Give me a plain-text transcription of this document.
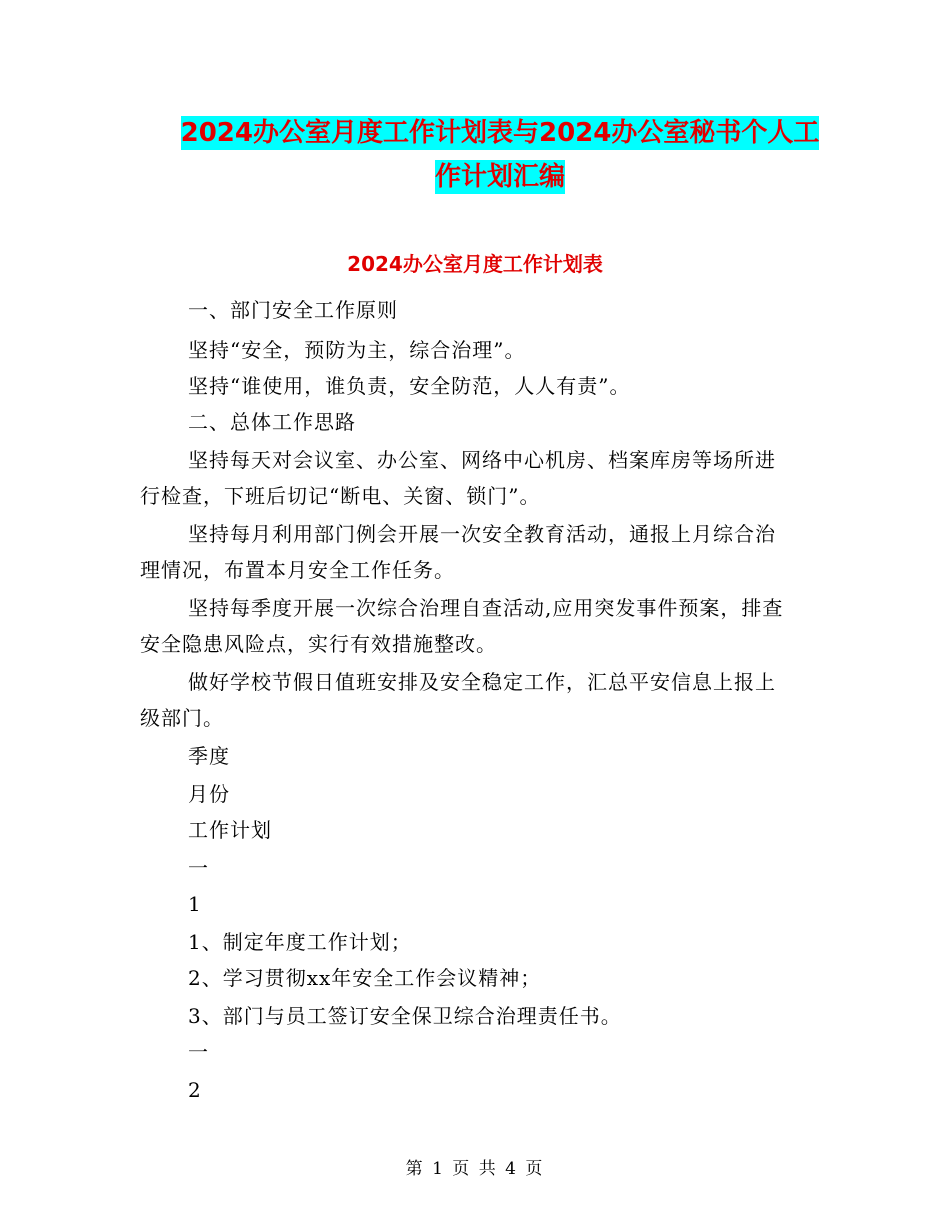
2024办公室月度工作计划表与2024办公室秘书个人工
作计划汇编
2024办公室月度工作计划表
一、部门安全工作原则
坚持“安全，预防为主，综合治理”。
坚持“谁使用，谁负责，安全防范，人人有责”。
二、总体工作思路
坚持每天对会议室、办公室、网络中心机房、档案库房等场所进
行检查，下班后切记“断电、关窗、锁门”。
坚持每月利用部门例会开展一次安全教育活动，通报上月综合治
理情况，布置本月安全工作任务。
坚持每季度开展一次综合治理自查活动,应用突发事件预案，排查
安全隐患风险点，实行有效措施整改。
做好学校节假日值班安排及安全稳定工作，汇总平安信息上报上
级部门。
季度
月份
工作计划
一
1
1、制定年度工作计划；
2、学习贯彻xx年安全工作会议精神；
3、部门与员工签订安全保卫综合治理责任书。
一
2
第 1 页 共 4 页
